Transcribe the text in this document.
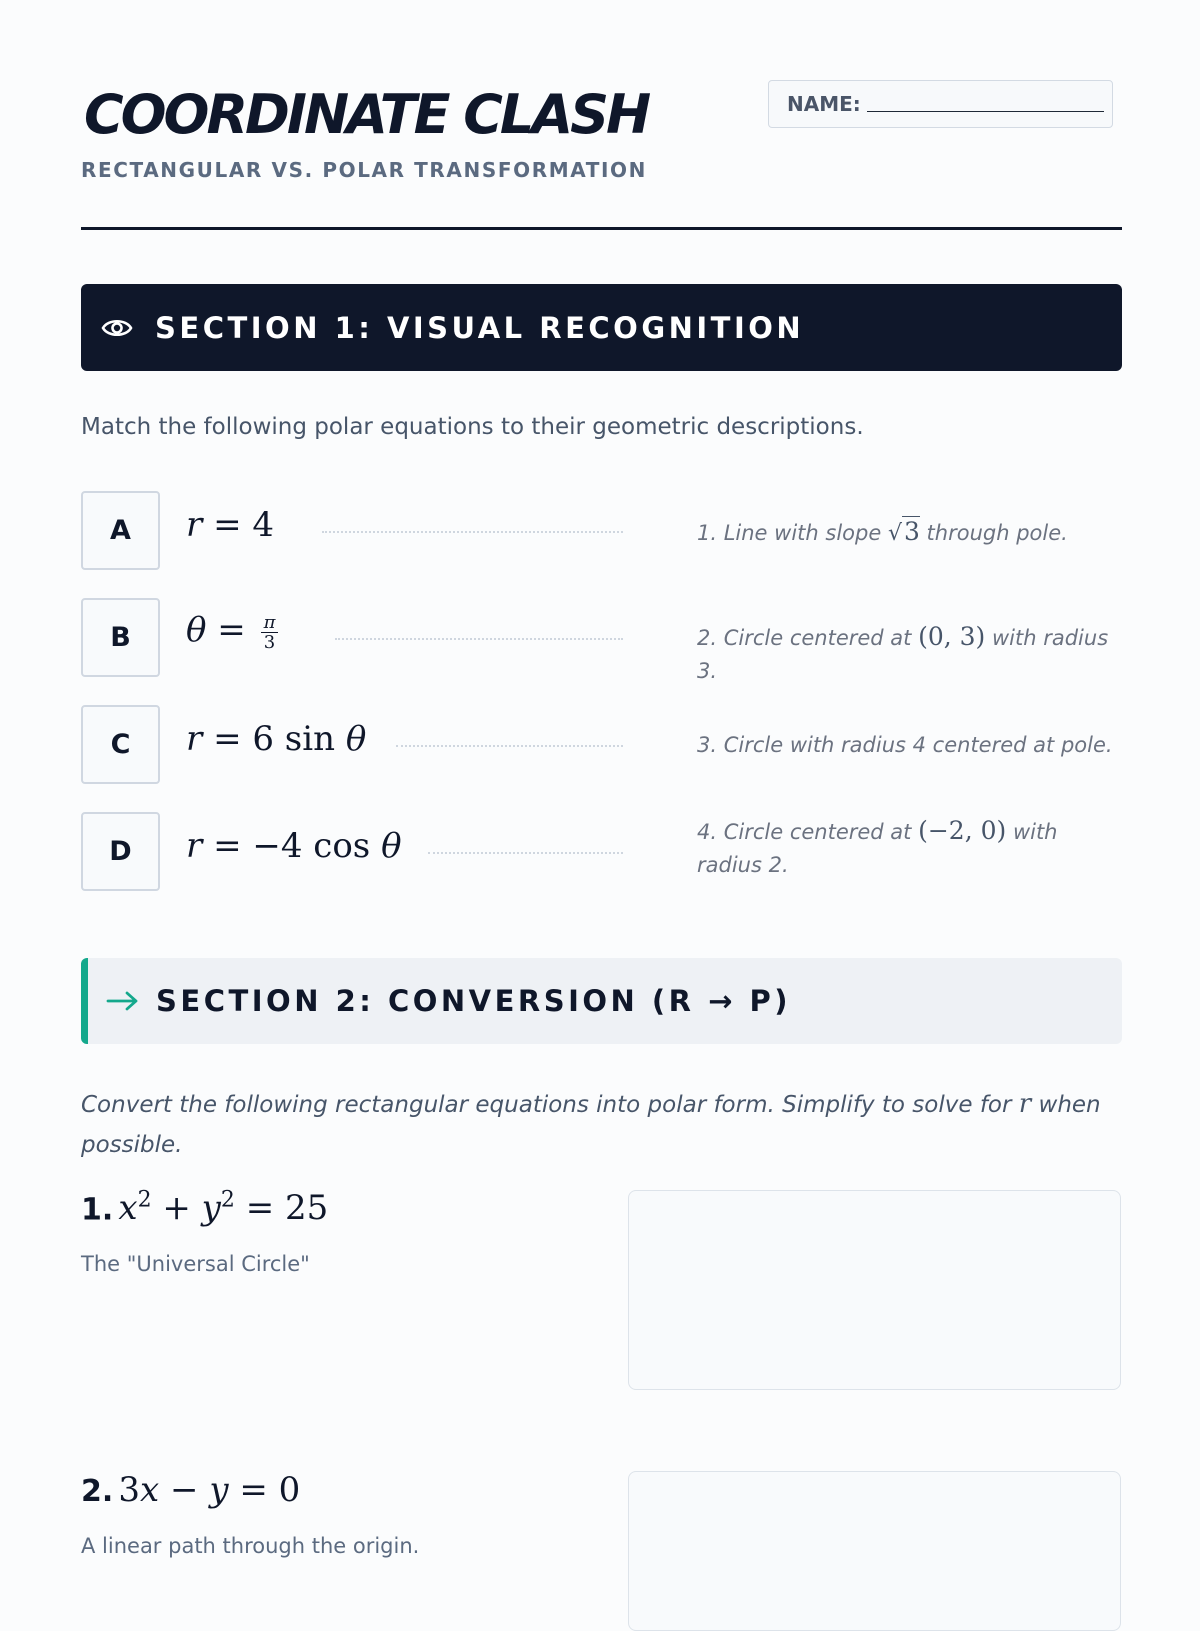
COORDINATE CLASH
RECTANGULAR VS. POLAR TRANSFORMATION
NAME:
SECTION 1: VISUAL RECOGNITION
Match the following polar equations to their geometric descriptions.
A	r = 4	1. Line with slope √3 through pole.
B	$\theta = \frac{\pi}{3}$	2. Circle centered at (0, 3) with radius 3.
C	r = 6 sin θ	3. Circle with radius 4 centered at pole.
D	r = −4 cos θ	4. Circle centered at (−2, 0) with radius 2.
SECTION 2: CONVERSION (R → P)
Convert the following rectangular equations into polar form. Simplify to solve for r when possible.
1. $x^2 + y^2 = 25$
The "Universal Circle"
2. 3x − y = 0
A linear path through the origin.
